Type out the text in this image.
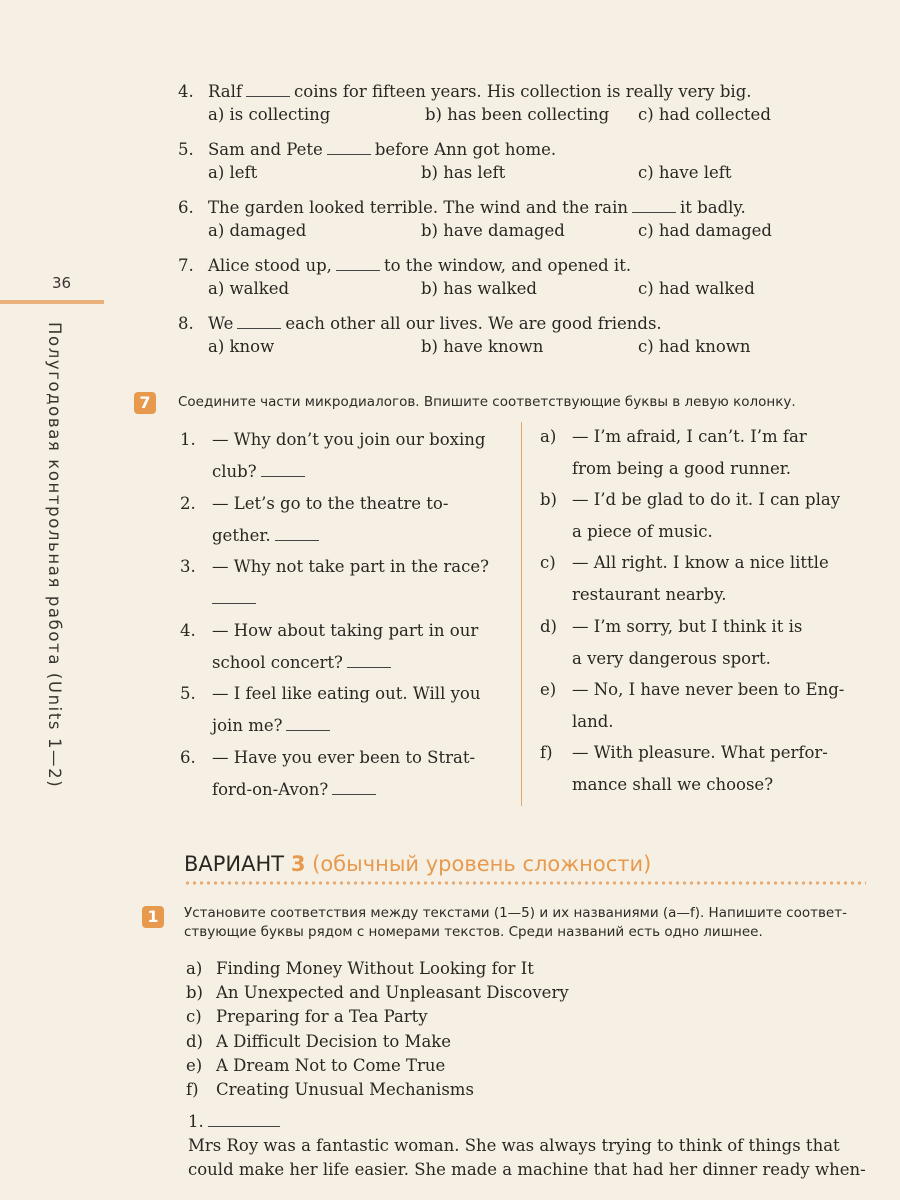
36
Полугодовая контрольная работа (Units 1—2)
4. Ralf	coins for fifteen years. His collection is really very big.
a) is collecting	b) has been collecting c) had collected
5. Sam and Pete	before Ann got home.
a) left	b) has left	c) have left
6. The garden looked terrible. The wind and the rain	it badly.
a) damaged	b) have damaged	c) had damaged
7. Alice stood up,	to the window, and opened it.
a) walked	b) has walked	c) had walked
8. We	each other all our lives. We are good friends.
a) know	b) have known	c) had known
7	Соедините части микродиалогов. Впишите соответствующие буквы в левую колонку.
1. — Why don’t you join our boxing
club?
2. — Let’s go to the theatre to-
gether.
3. — Why not take part in the race?
4. — How about taking part in our
school concert?
5. — I feel like eating out. Will you
join me?
6. — Have you ever been to Strat-
ford-on-Avon?
a) — I’m afraid, I can’t. I’m far
from being a good runner.
b) — I’d be glad to do it. I can play
a piece of music.
c) — All right. I know a nice little
restaurant nearby.
d) — I’m sorry, but I think it is
a very dangerous sport.
e) — No, I have never been to Eng-
land.
f) — With pleasure. What perfor-
mance shall we choose?
ВАРИАНТ 3 (обычный уровень сложности)
1	Установите соответствия между текстами (1—5) и их названиями (a—f). Напишите соответ-
ствующие буквы рядом с номерами текстов. Среди названий есть одно лишнее.
a) Finding Money Without Looking for It
b) An Unexpected and Unpleasant Discovery
c) Preparing for a Tea Party
d) A Difficult Decision to Make
e) A Dream Not to Come True
f) Creating Unusual Mechanisms
1.
Mrs Roy was a fantastic woman. She was always trying to think of things that
could make her life easier. She made a machine that had her dinner ready when-
